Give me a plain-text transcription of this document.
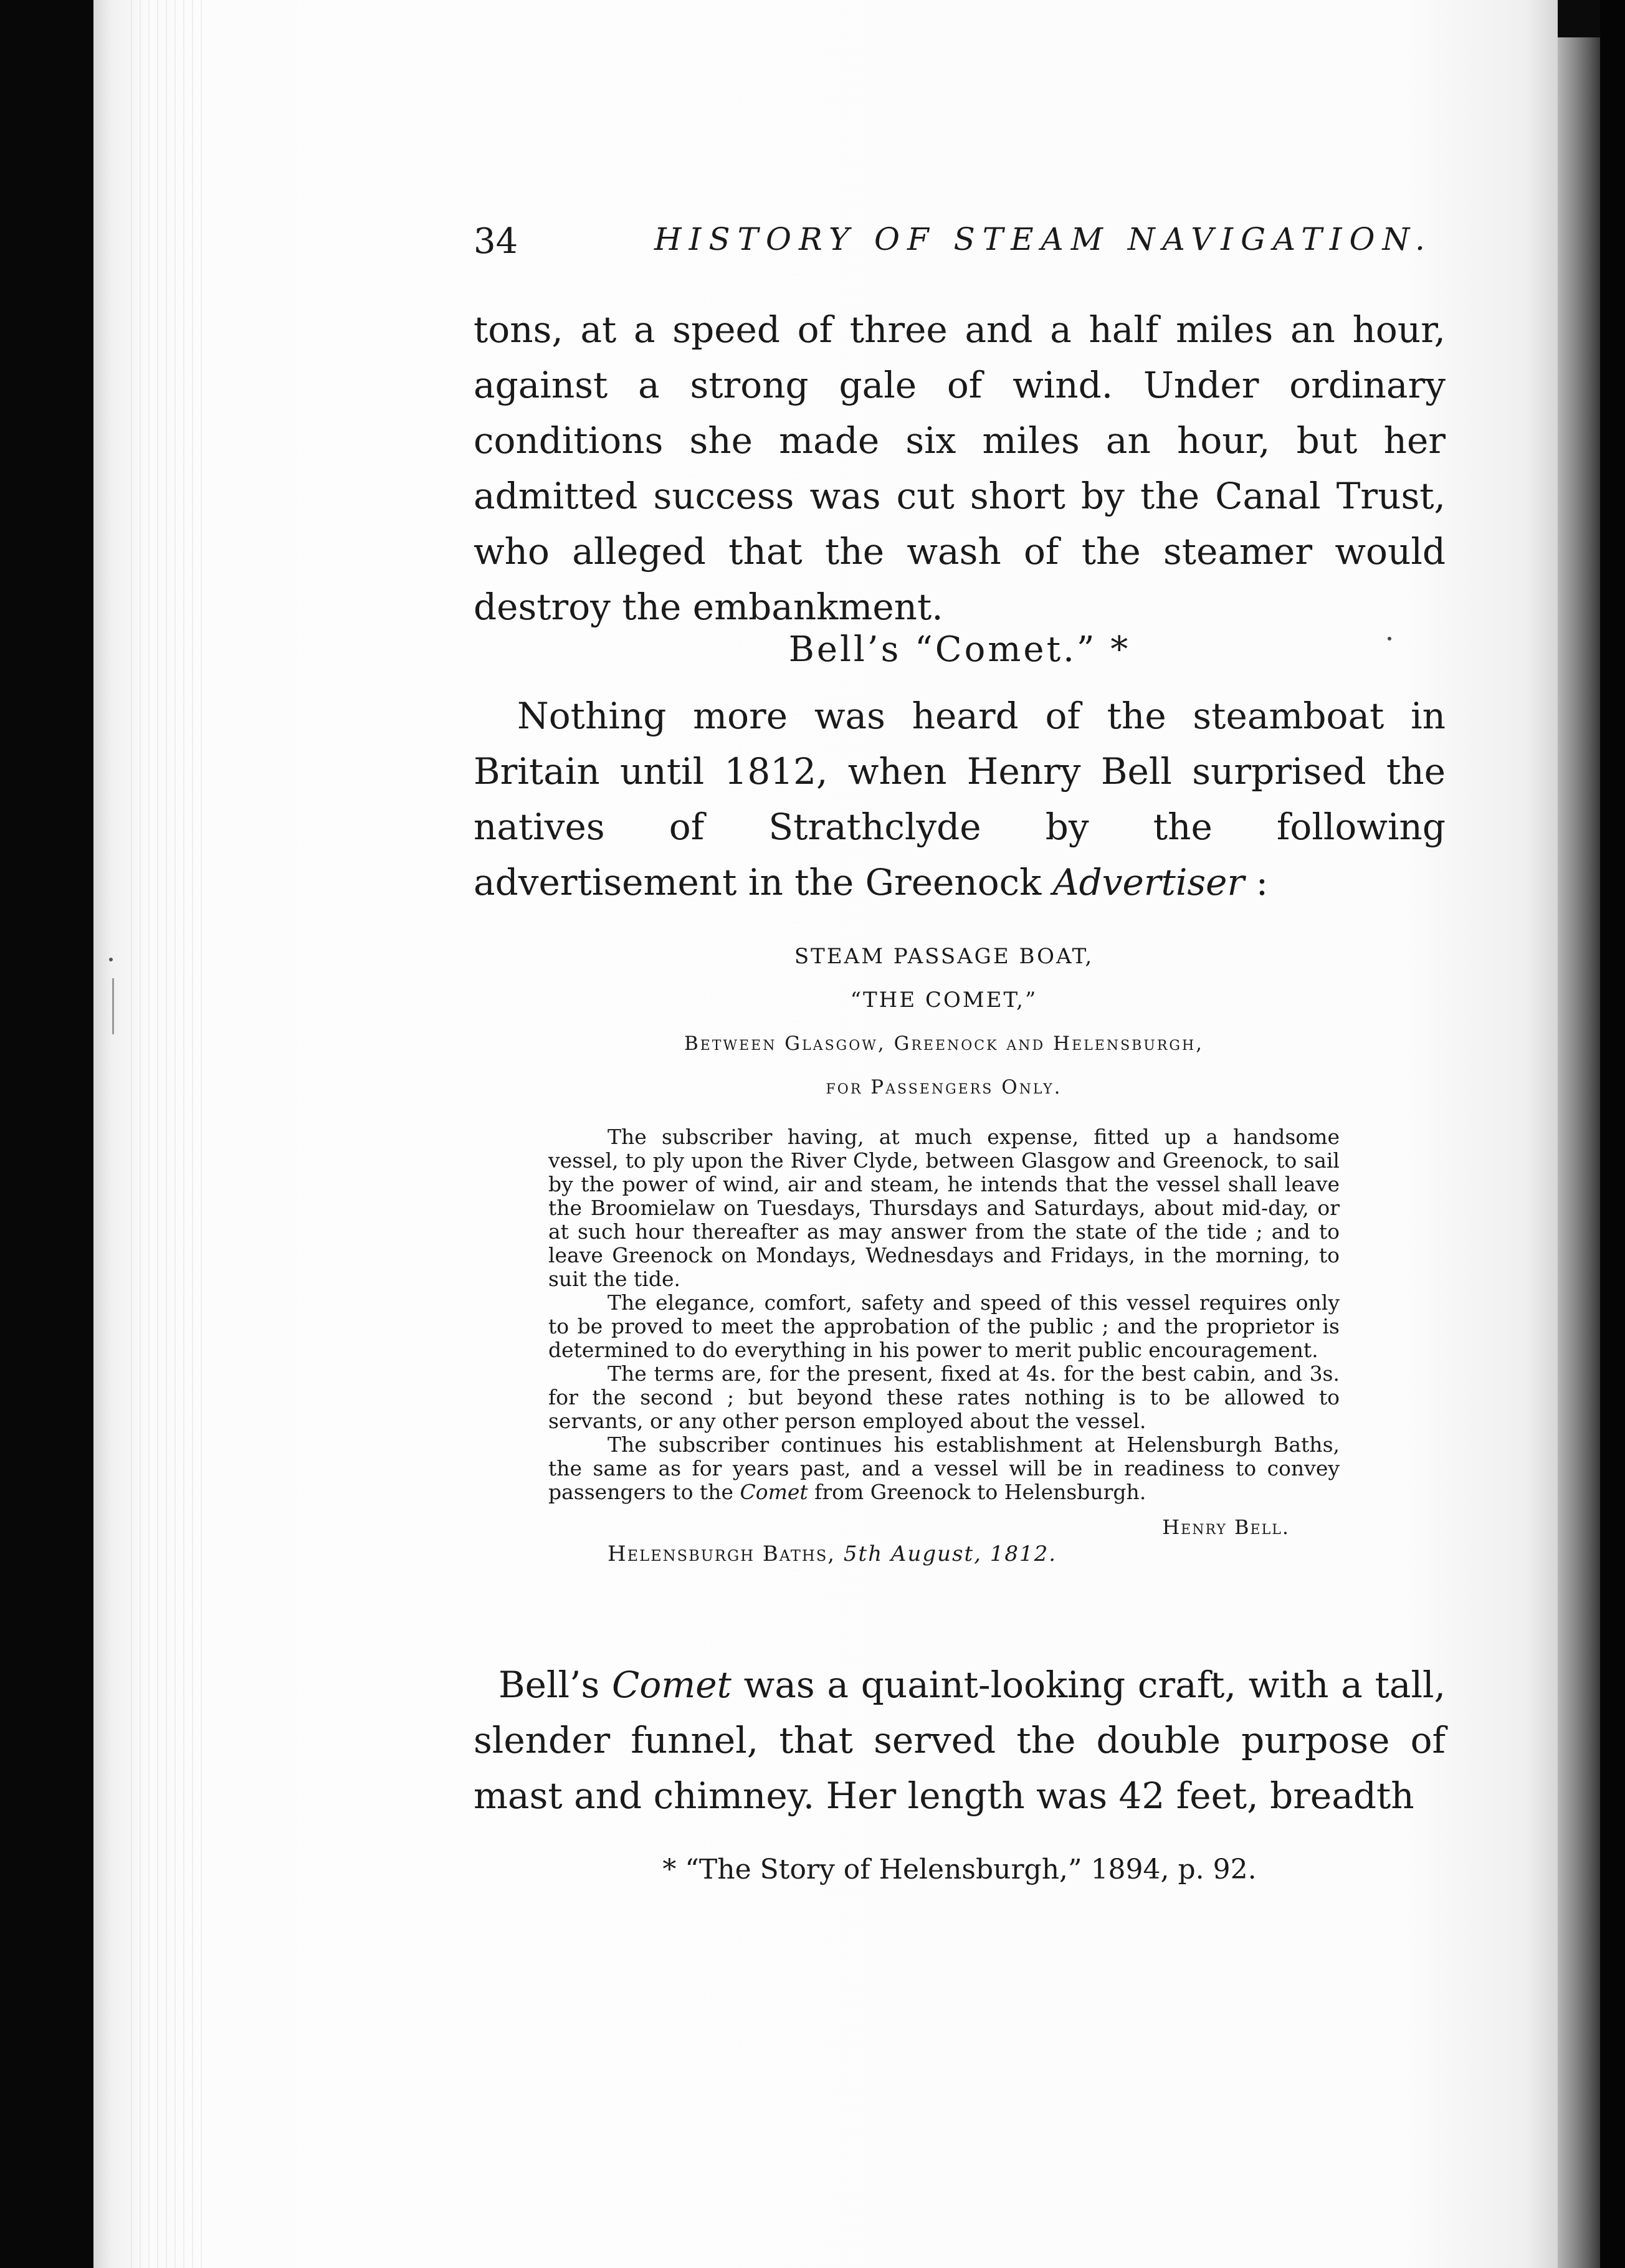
34	HISTORY OF STEAM NAVIGATION.

tons, at a speed of three and a half miles an hour, against a strong gale of wind. Under ordinary conditions she made six miles an hour, but her admitted success was cut short by the Canal Trust, who alleged that the wash of the steamer would destroy the embankment.

Bell’s “Comet.” *

Nothing more was heard of the steamboat in Britain until 1812, when Henry Bell surprised the natives of Strathclyde by the following advertisement in the Greenock Advertiser :

STEAM PASSAGE BOAT,

“THE COMET,”

Between Glasgow, Greenock and Helensburgh,

for Passengers Only.

The subscriber having, at much expense, fitted up a handsome vessel, to ply upon the River Clyde, between Glasgow and Greenock, to sail by the power of wind, air and steam, he intends that the vessel shall leave the Broomielaw on Tuesdays, Thursdays and Saturdays, about mid-day, or at such hour thereafter as may answer from the state of the tide ; and to leave Greenock on Mondays, Wednesdays and Fridays, in the morning, to suit the tide.

The elegance, comfort, safety and speed of this vessel requires only to be proved to meet the approbation of the public ; and the proprietor is determined to do everything in his power to merit public encouragement.

The terms are, for the present, fixed at 4s. for the best cabin, and 3s. for the second ; but beyond these rates nothing is to be allowed to servants, or any other person employed about the vessel.

The subscriber continues his establishment at Helensburgh Baths, the same as for years past, and a vessel will be in readiness to convey passengers to the Comet from Greenock to Helensburgh.

Henry Bell.
Helensburgh Baths, 5th August, 1812.

Bell’s Comet was a quaint-looking craft, with a tall, slender funnel, that served the double purpose of mast and chimney. Her length was 42 feet, breadth

* “The Story of Helensburgh,” 1894, p. 92.
